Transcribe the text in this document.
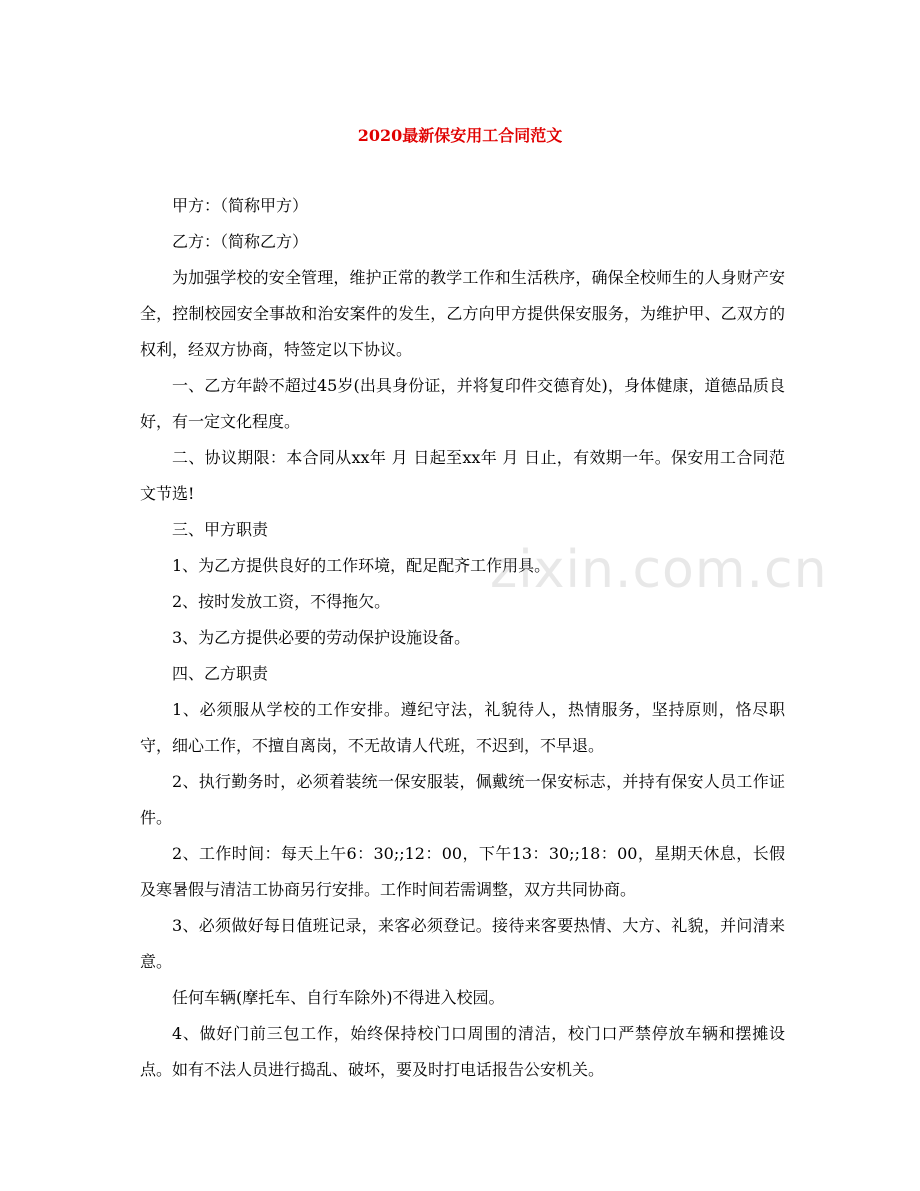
2020最新保安用工合同范文

甲方：（简称甲方）

乙方：（简称乙方）

为加强学校的安全管理，维护正常的教学工作和生活秩序，确保全校师生的人身财产安全，控制校园安全事故和治安案件的发生，乙方向甲方提供保安服务，为维护甲、乙双方的权利，经双方协商，特签定以下协议。

一、乙方年龄不超过45岁(出具身份证，并将复印件交德育处)，身体健康，道德品质良好，有一定文化程度。

二、协议期限：本合同从xx年 月 日起至xx年 月 日止，有效期一年。保安用工合同范文节选!

三、甲方职责

1、为乙方提供良好的工作环境，配足配齐工作用具。

2、按时发放工资，不得拖欠。

3、为乙方提供必要的劳动保护设施设备。

四、乙方职责

1、必须服从学校的工作安排。遵纪守法，礼貌待人，热情服务，坚持原则，恪尽职守，细心工作，不擅自离岗，不无故请人代班，不迟到，不早退。

2、执行勤务时，必须着装统一保安服装，佩戴统一保安标志，并持有保安人员工作证件。

2、工作时间：每天上午6：30;;12：00，下午13：30;;18：00，星期天休息，长假及寒暑假与清洁工协商另行安排。工作时间若需调整，双方共同协商。

3、必须做好每日值班记录，来客必须登记。接待来客要热情、大方、礼貌，并问清来意。

任何车辆(摩托车、自行车除外)不得进入校园。

4、做好门前三包工作，始终保持校门口周围的清洁，校门口严禁停放车辆和摆摊设点。如有不法人员进行捣乱、破坏，要及时打电话报告公安机关。

zixin.com.cn
